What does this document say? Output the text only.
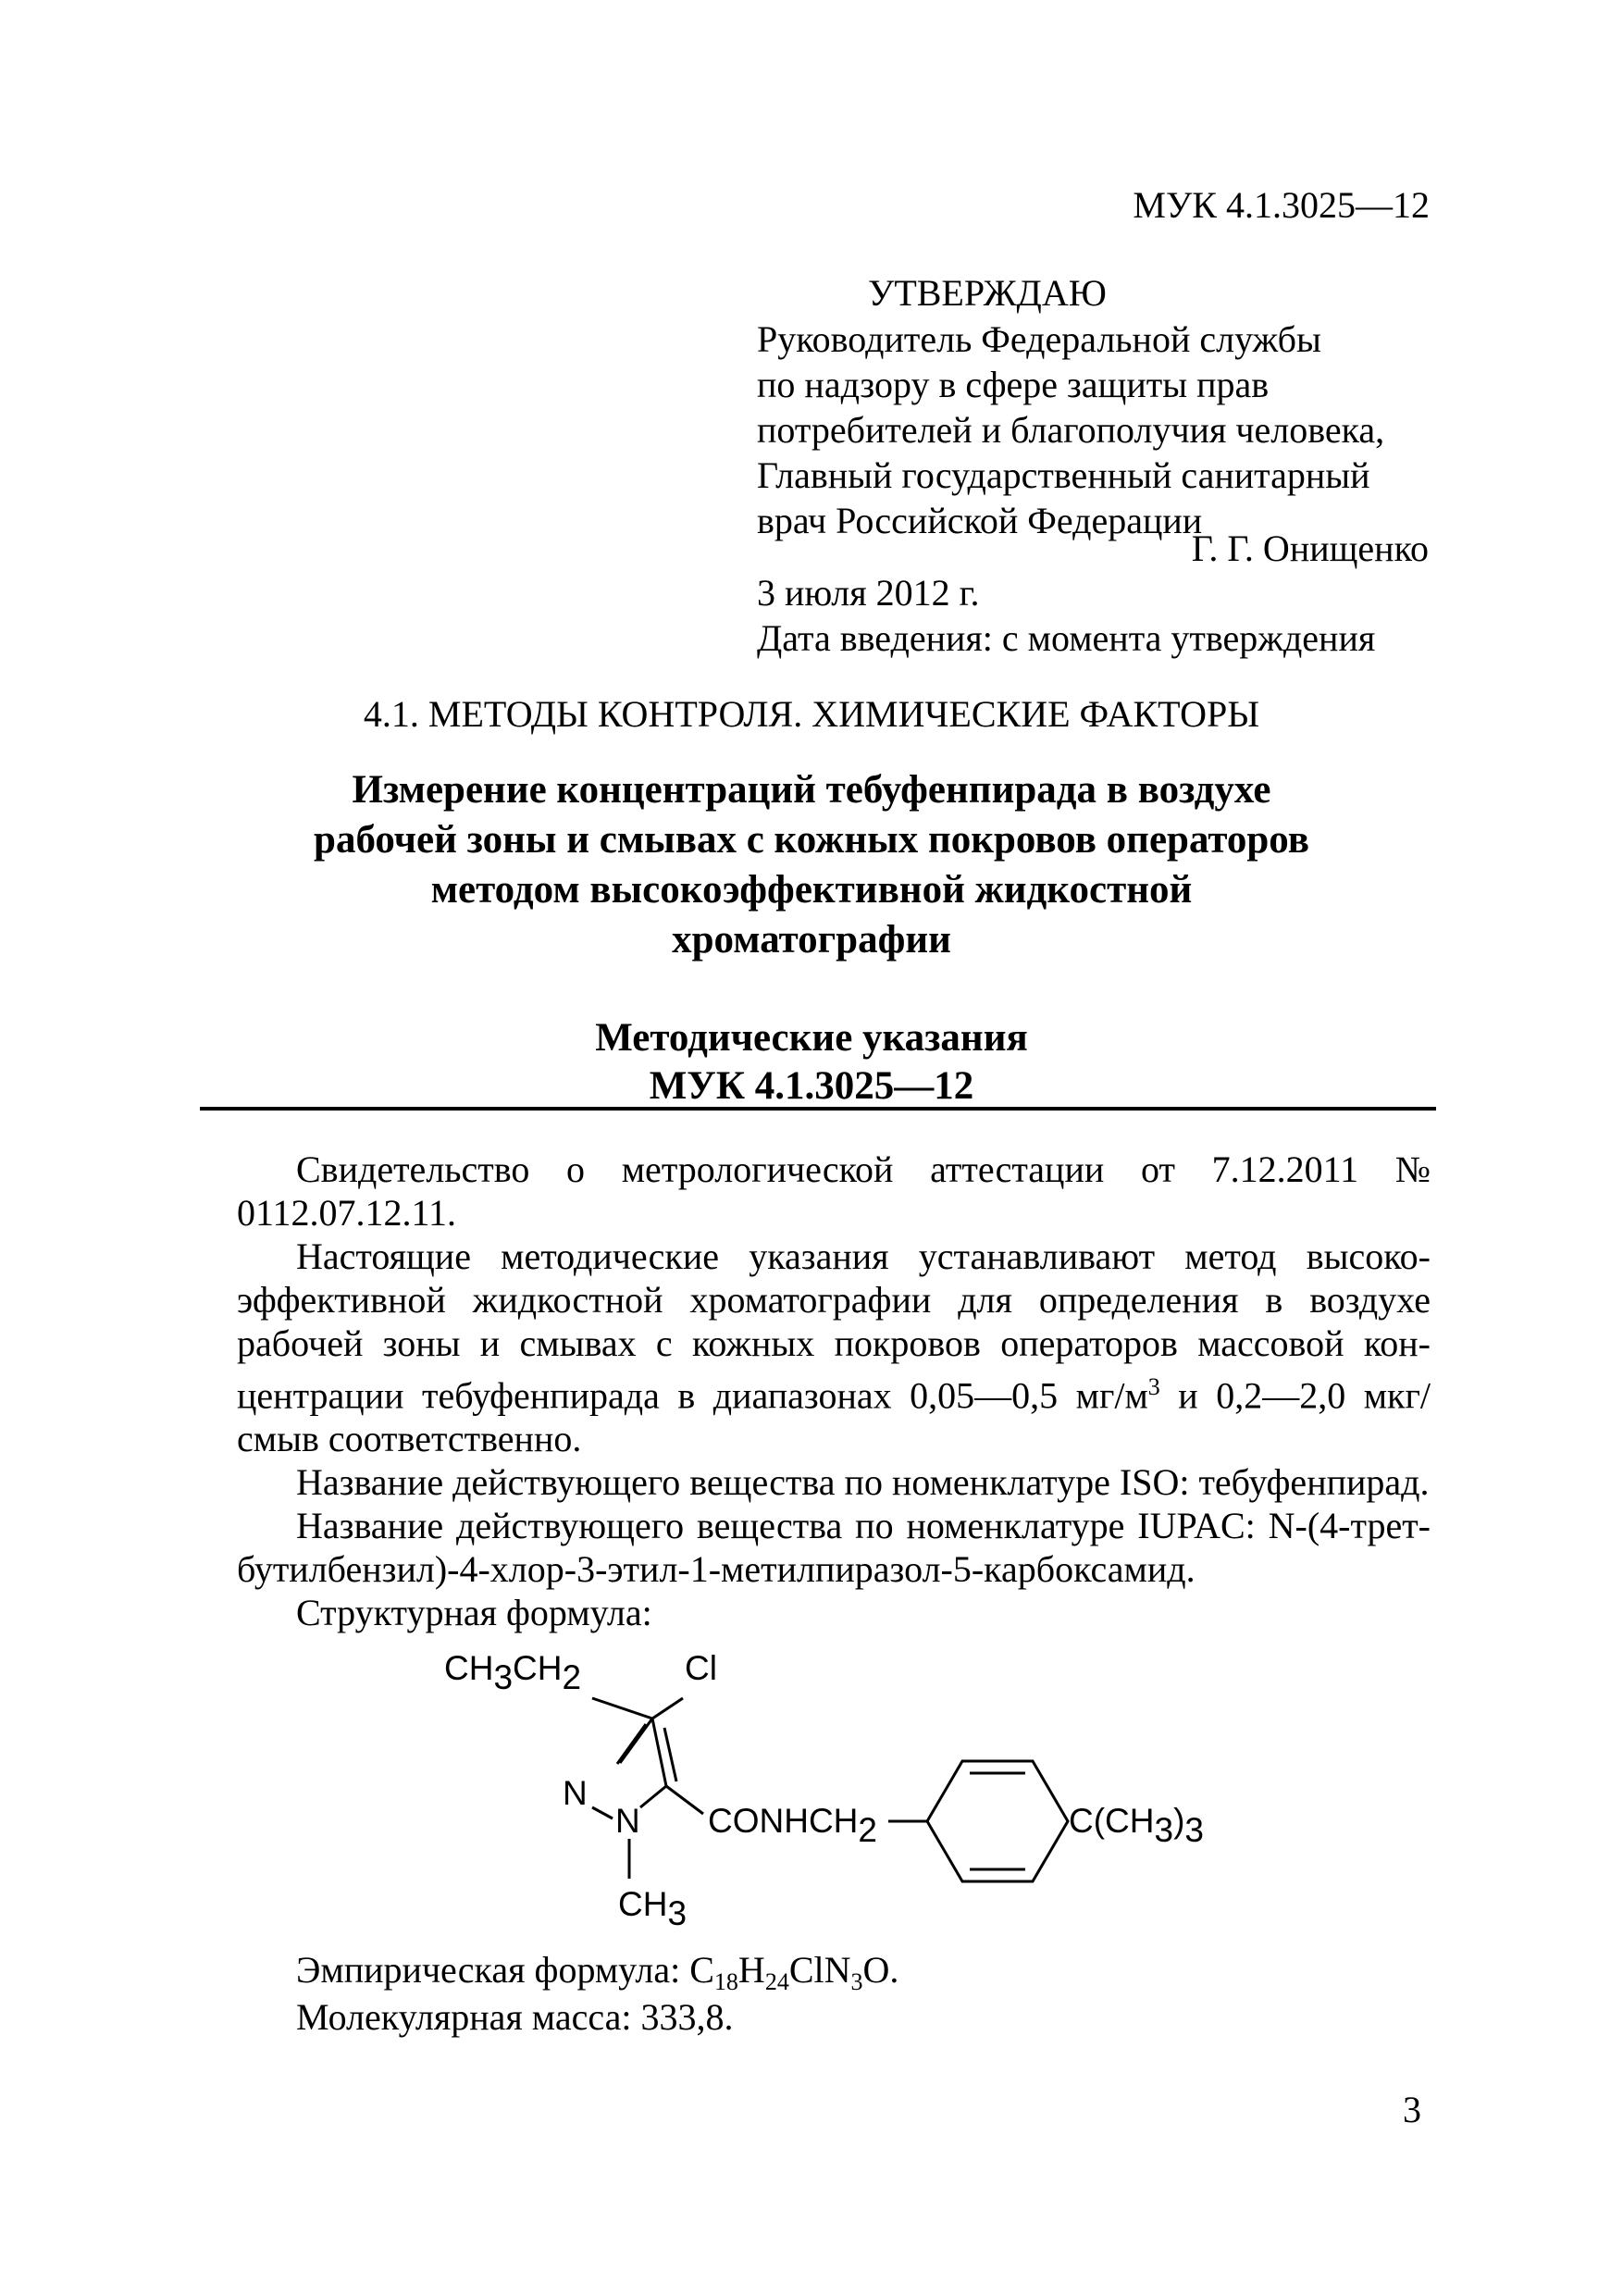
МУК 4.1.3025—12
УТВЕРЖДАЮ
Руководитель Федеральной службы
по надзору в сфере защиты прав
потребителей и благополучия человека,
Главный государственный санитарный
врач Российской Федерации
Г. Г. Онищенко
3 июля 2012 г.
Дата введения: с момента утверждения
4.1. МЕТОДЫ КОНТРОЛЯ. ХИМИЧЕСКИЕ ФАКТОРЫ
Измерение концентраций тебуфенпирада в воздухе
рабочей зоны и смывах с кожных покровов операторов
методом высокоэффективной жидкостной
хроматографии
Методические указания
МУК 4.1.3025—12

Свидетельство о метрологической аттестации от 7.12.2011 № 0112.07.12.11.

Настоящие методические указания устанавливают метод высокоэффективной жидкостной хроматографии для определения в воздухе рабочей зоны и смывах с кожных покровов операторов массовой концентрации тебуфенпирада в диапазонах 0,05—0,5 $мг/м^3$ и 0,2—2,0 мкг/смыв соответственно.

Название действующего вещества по номенклатуре ISO: тебуфенпирад.

Название действующего вещества по номенклатуре IUPAC: N-(4-трет-бутилбензил)-4-хлор-3-этил-1-метилпиразол-5-карбоксамид.

Структурная формула:

CH3CH2	Cl
N
N
CH3
CONHCH2	C(CH3)3
Эмпирическая формула: $C_{18}H_{24}ClN_3O$.
Молекулярная масса: 333,8.
3
